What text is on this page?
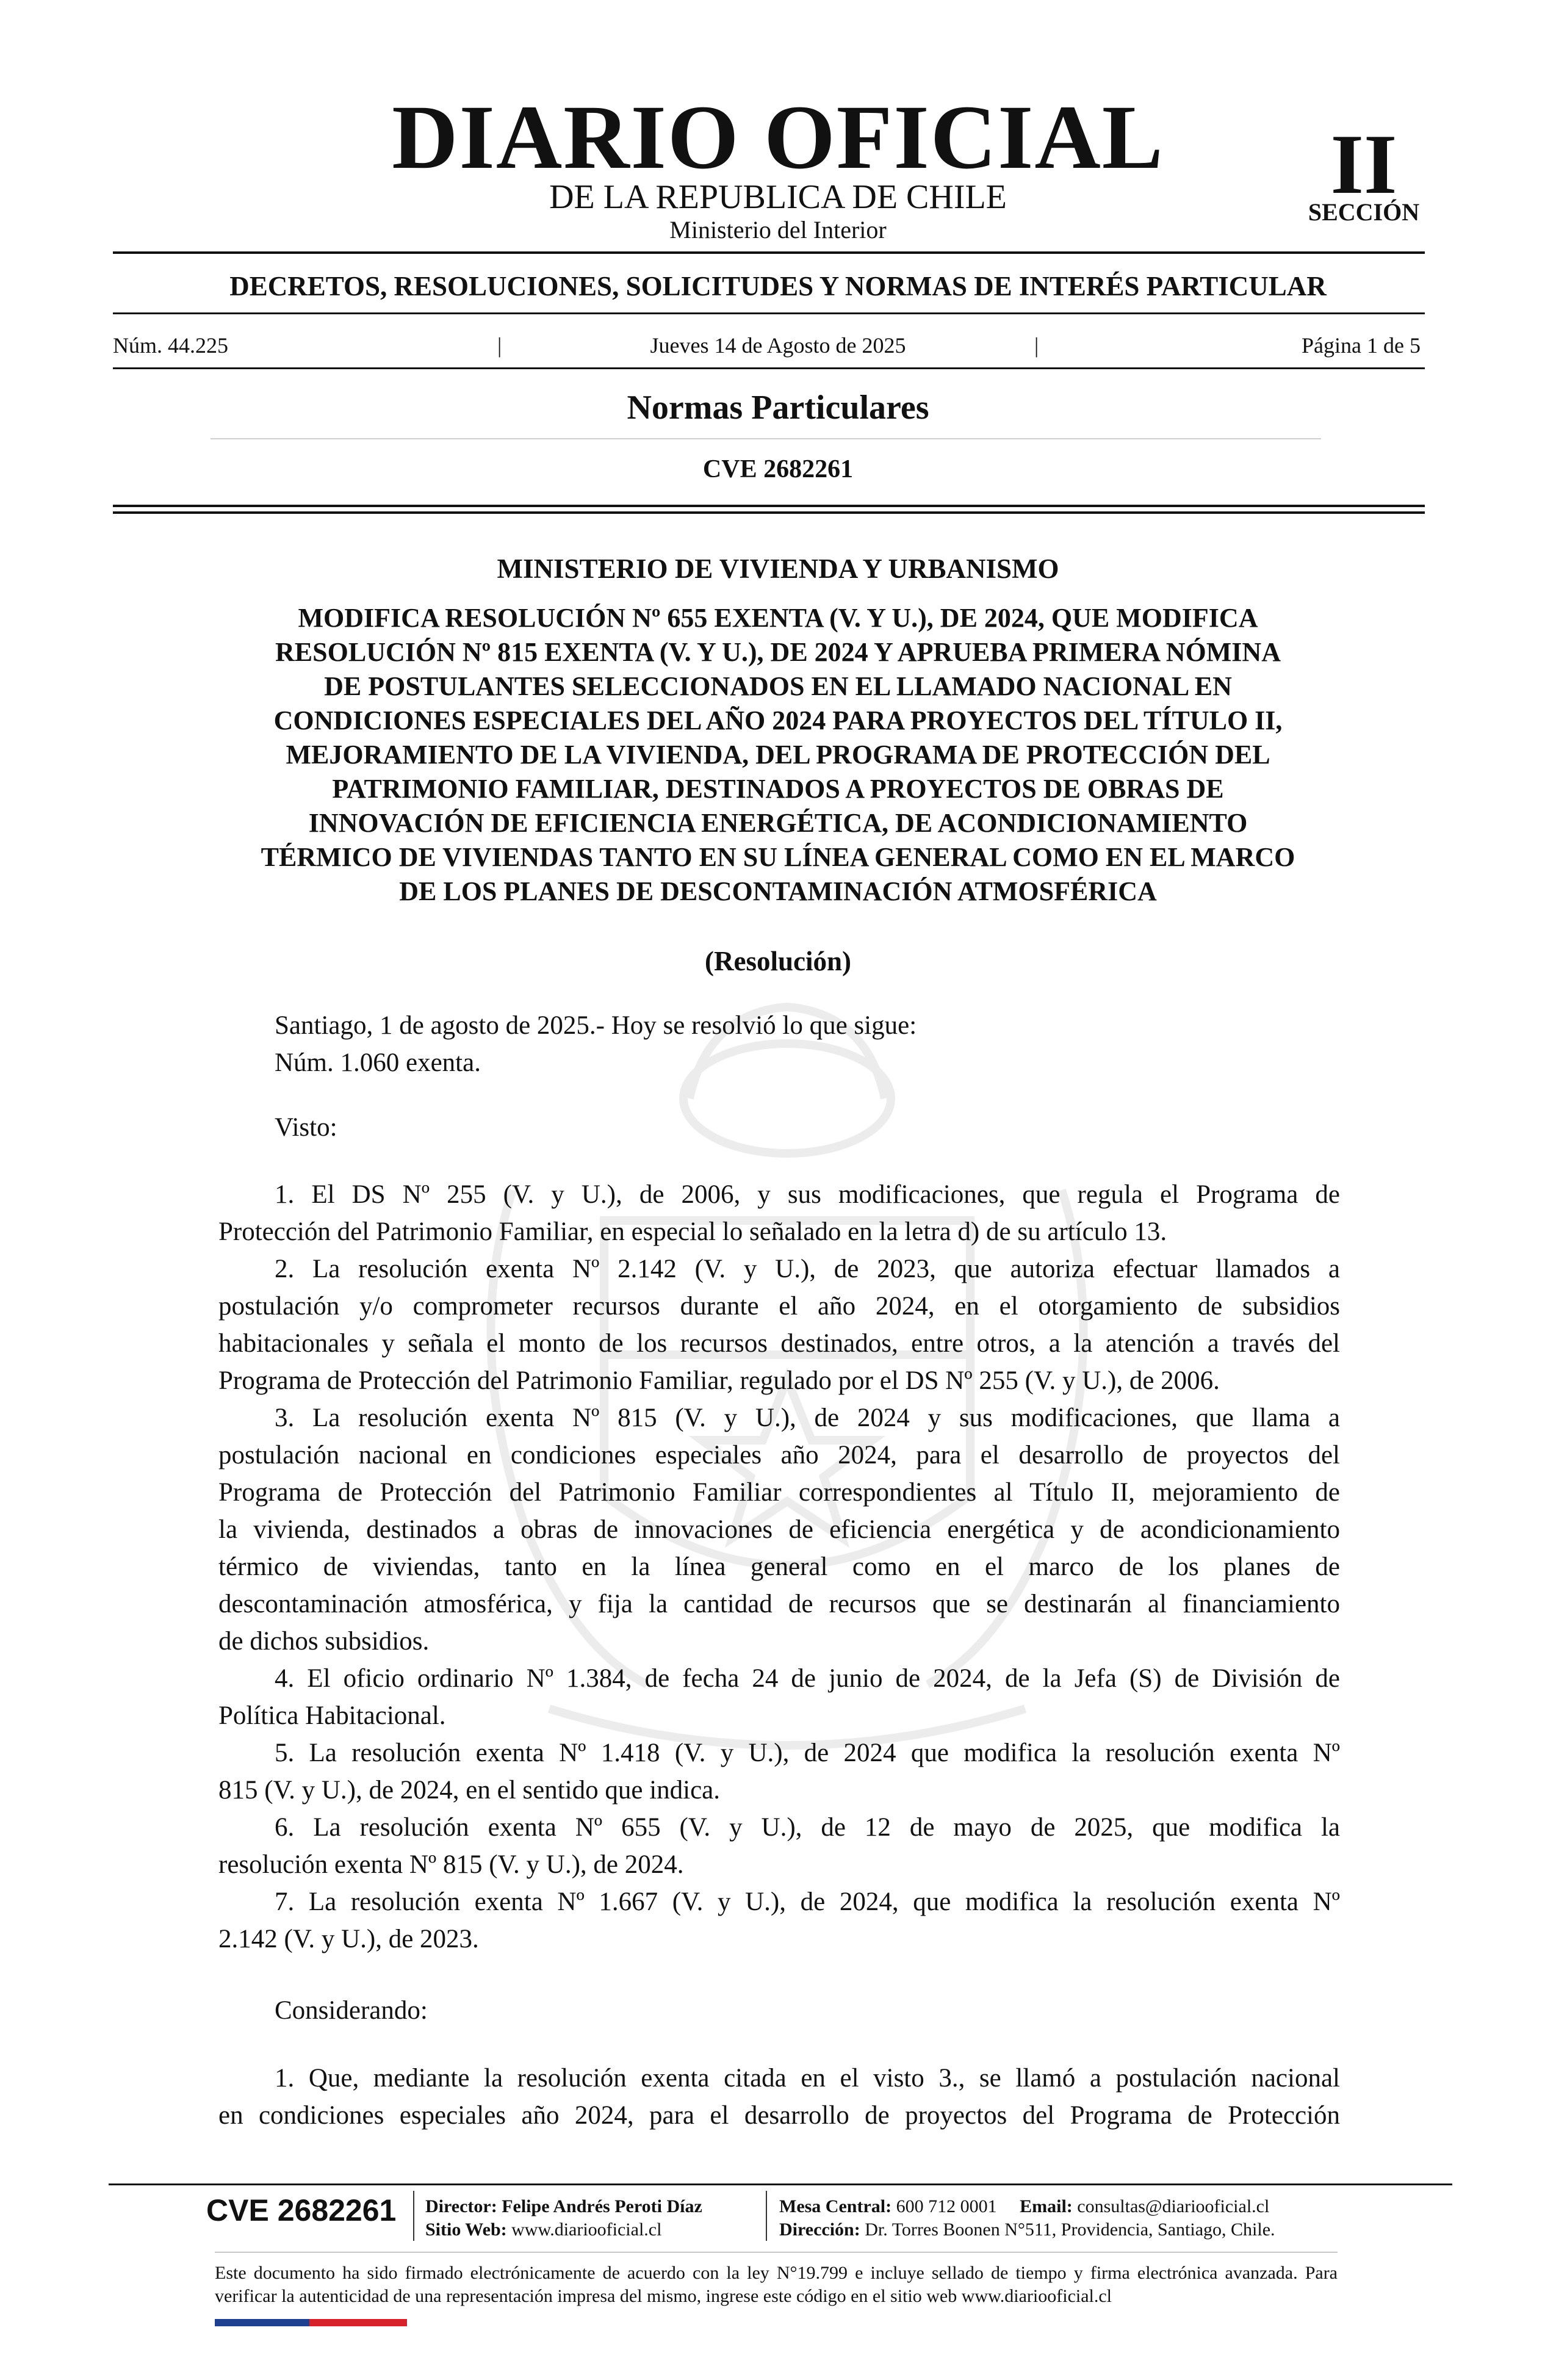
DIARIO OFICIAL
DE LA REPUBLICA DE CHILE
Ministerio del Interior
II
SECCIÓN
DECRETOS, RESOLUCIONES, SOLICITUDES Y NORMAS DE INTERÉS PARTICULAR
Núm. 44.225	|	Jueves 14 de Agosto de 2025	|	Página 1 de 5
Normas Particulares
CVE 2682261
MINISTERIO DE VIVIENDA Y URBANISMO
MODIFICA RESOLUCIÓN Nº 655 EXENTA (V. Y U.), DE 2024, QUE MODIFICA
RESOLUCIÓN Nº 815 EXENTA (V. Y U.), DE 2024 Y APRUEBA PRIMERA NÓMINA
DE POSTULANTES SELECCIONADOS EN EL LLAMADO NACIONAL EN
CONDICIONES ESPECIALES DEL AÑO 2024 PARA PROYECTOS DEL TÍTULO II,
MEJORAMIENTO DE LA VIVIENDA, DEL PROGRAMA DE PROTECCIÓN DEL
PATRIMONIO FAMILIAR, DESTINADOS A PROYECTOS DE OBRAS DE
INNOVACIÓN DE EFICIENCIA ENERGÉTICA, DE ACONDICIONAMIENTO
TÉRMICO DE VIVIENDAS TANTO EN SU LÍNEA GENERAL COMO EN EL MARCO
DE LOS PLANES DE DESCONTAMINACIÓN ATMOSFÉRICA
(Resolución)
Santiago, 1 de agosto de 2025.- Hoy se resolvió lo que sigue:
Núm. 1.060 exenta.
Visto:
1. El DS Nº 255 (V. y U.), de 2006, y sus modificaciones, que regula el Programa de
Protección del Patrimonio Familiar, en especial lo señalado en la letra d) de su artículo 13.
2. La resolución exenta Nº 2.142 (V. y U.), de 2023, que autoriza efectuar llamados a
postulación y/o comprometer recursos durante el año 2024, en el otorgamiento de subsidios
habitacionales y señala el monto de los recursos destinados, entre otros, a la atención a través del
Programa de Protección del Patrimonio Familiar, regulado por el DS Nº 255 (V. y U.), de 2006.
3. La resolución exenta Nº 815 (V. y U.), de 2024 y sus modificaciones, que llama a
postulación nacional en condiciones especiales año 2024, para el desarrollo de proyectos del
Programa de Protección del Patrimonio Familiar correspondientes al Título II, mejoramiento de
la vivienda, destinados a obras de innovaciones de eficiencia energética y de acondicionamiento
térmico de viviendas, tanto en la línea general como en el marco de los planes de
descontaminación atmosférica, y fija la cantidad de recursos que se destinarán al financiamiento
de dichos subsidios.
4. El oficio ordinario Nº 1.384, de fecha 24 de junio de 2024, de la Jefa (S) de División de
Política Habitacional.
5. La resolución exenta Nº 1.418 (V. y U.), de 2024 que modifica la resolución exenta Nº
815 (V. y U.), de 2024, en el sentido que indica.
6. La resolución exenta Nº 655 (V. y U.), de 12 de mayo de 2025, que modifica la
resolución exenta Nº 815 (V. y U.), de 2024.
7. La resolución exenta Nº 1.667 (V. y U.), de 2024, que modifica la resolución exenta Nº
2.142 (V. y U.), de 2023.
Considerando:
1. Que, mediante la resolución exenta citada en el visto 3., se llamó a postulación nacional
en condiciones especiales año 2024, para el desarrollo de proyectos del Programa de Protección
CVE 2682261 Director: Felipe Andrés Peroti Díaz
Sitio Web: www.diariooficial.cl
Mesa Central: 600 712 0001 Email: consultas@diariooficial.cl
Dirección: Dr. Torres Boonen N°511, Providencia, Santiago, Chile.
Este documento ha sido firmado electrónicamente de acuerdo con la ley N°19.799 e incluye sellado de tiempo y firma electrónica avanzada. Para verificar la autenticidad de una representación impresa del mismo, ingrese este código en el sitio web www.diariooficial.cl
